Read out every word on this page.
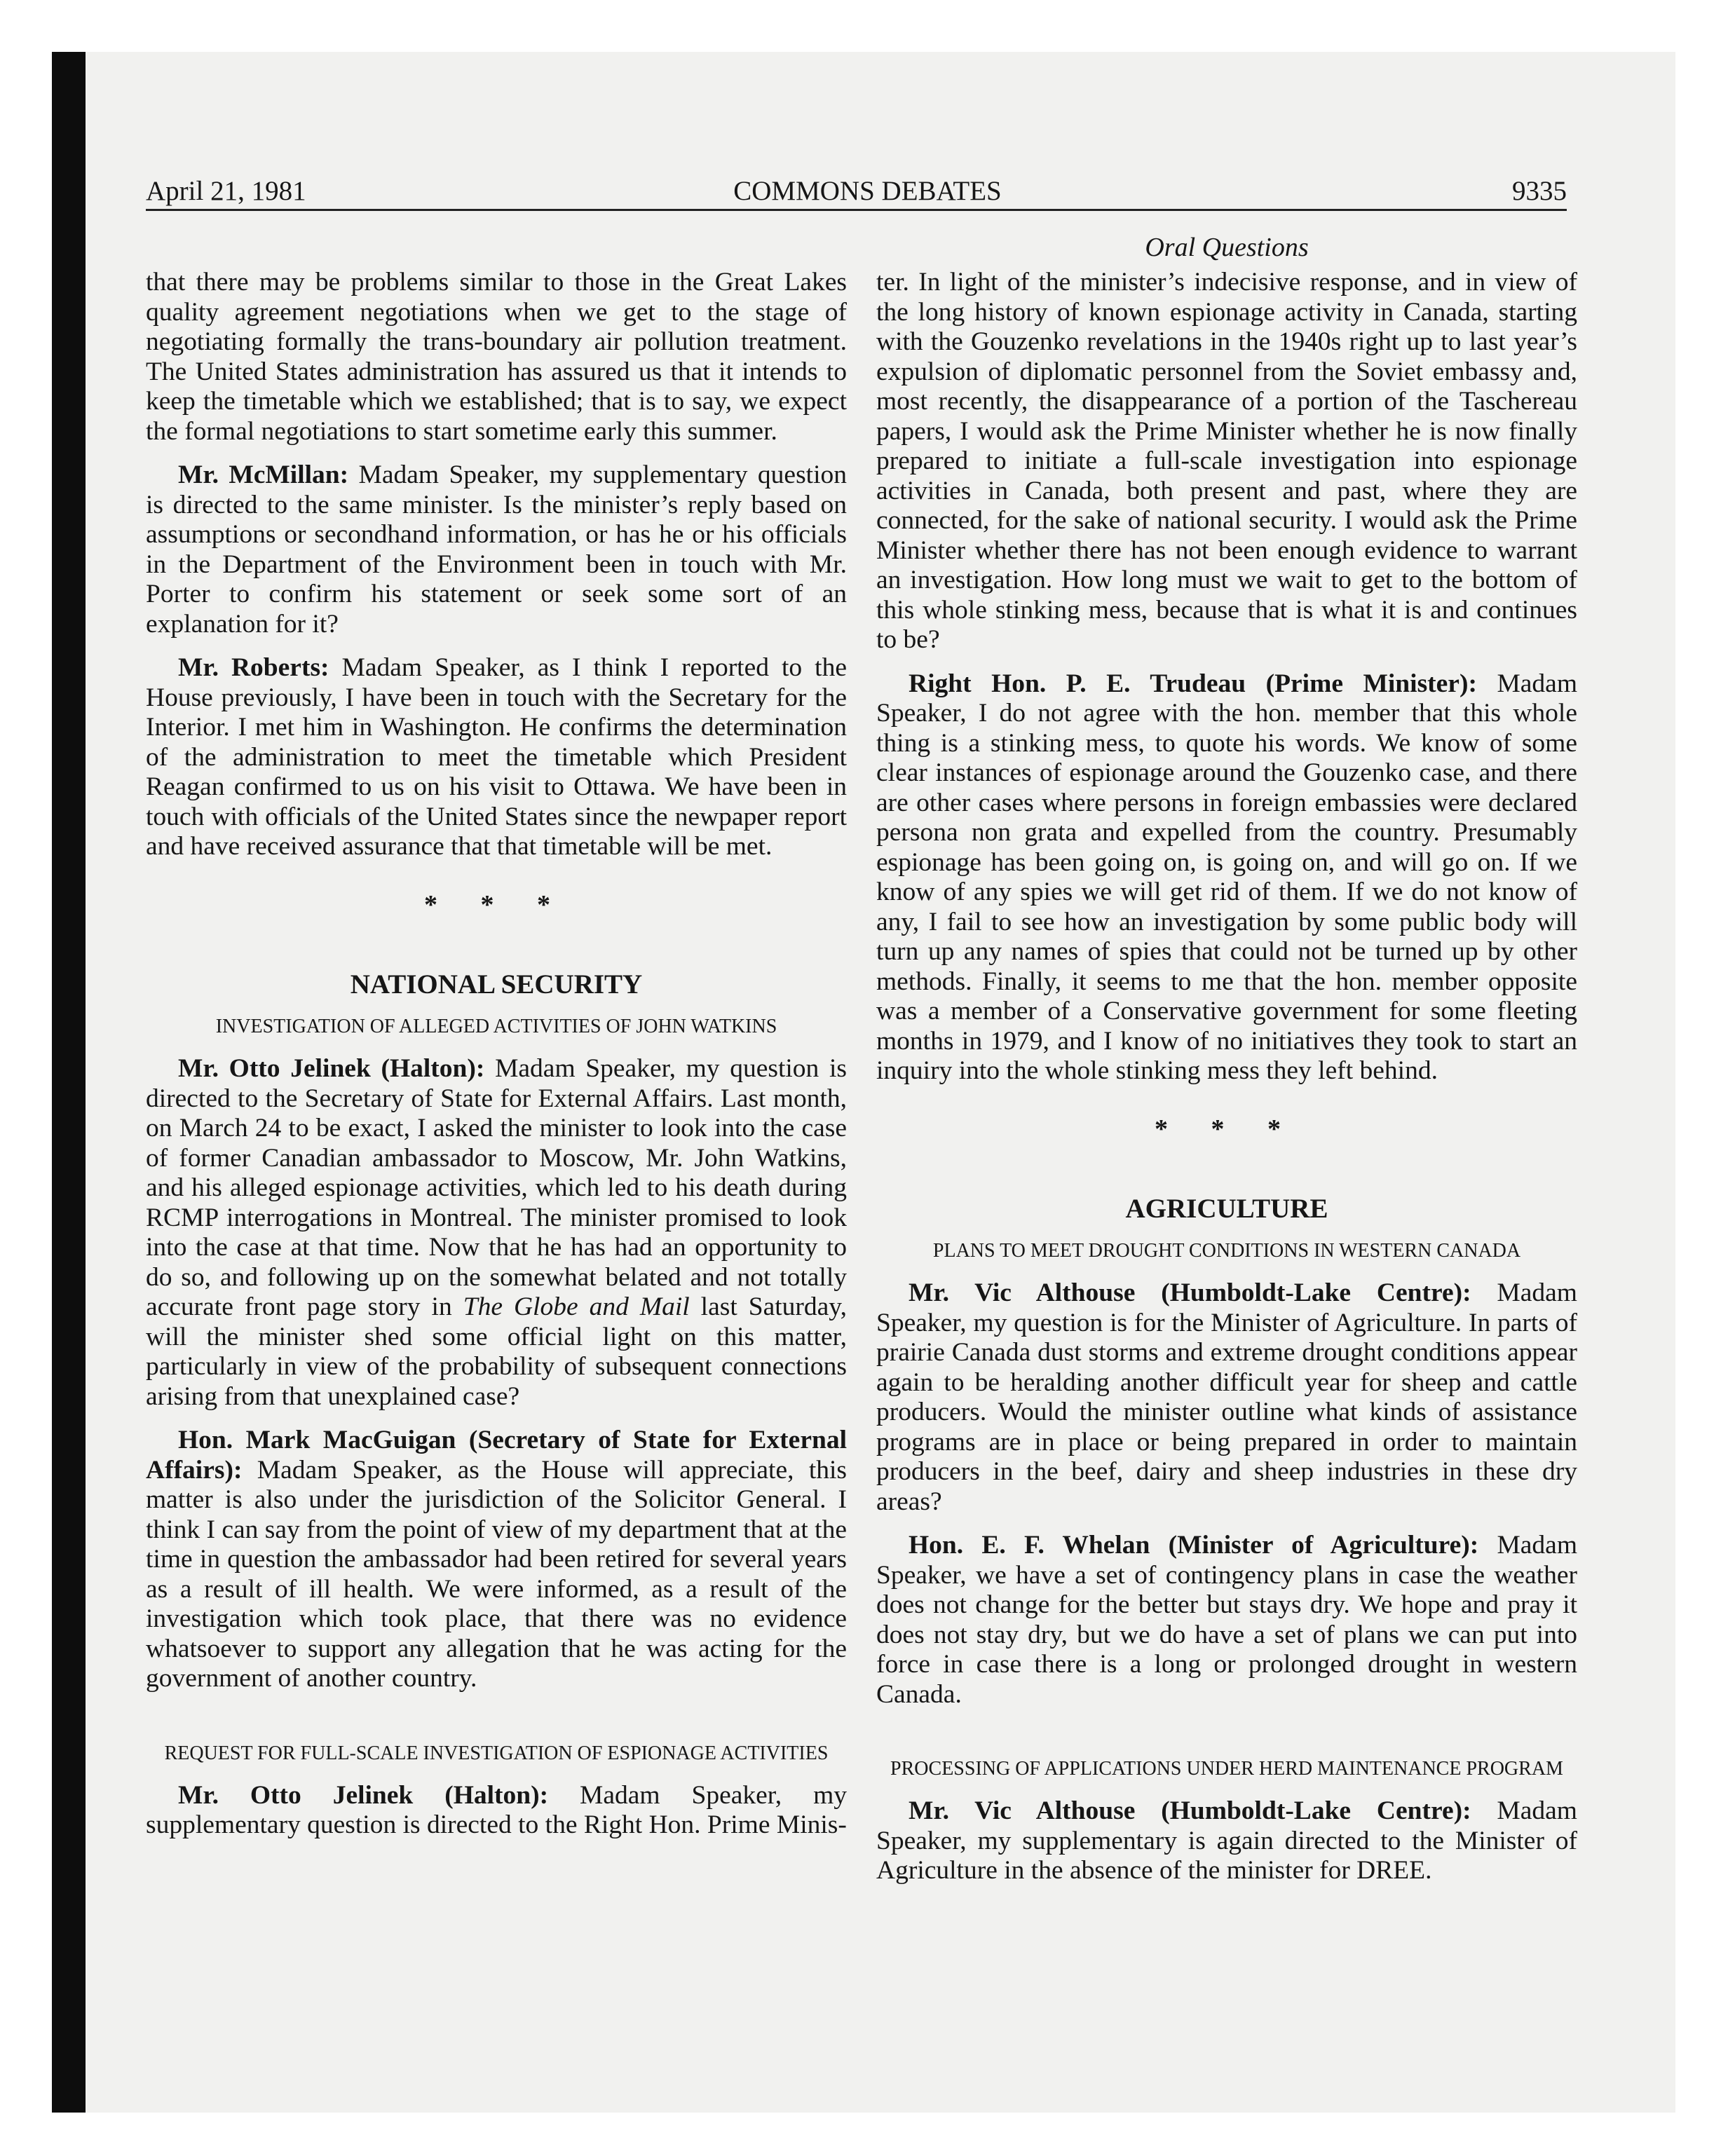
April 21, 1981	COMMONS DEBATES	9335
Oral Questions

that there may be problems similar to those in the Great Lakes quality agreement negotiations when we get to the stage of negotiating formally the trans-boundary air pollution treatment. The United States administration has assured us that it intends to keep the timetable which we established; that is to say, we expect the formal negotiations to start sometime early this summer.

Mr. McMillan: Madam Speaker, my supplementary question is directed to the same minister. Is the minister’s reply based on assumptions or secondhand information, or has he or his officials in the Department of the Environment been in touch with Mr. Porter to confirm his statement or seek some sort of an explanation for it?

Mr. Roberts: Madam Speaker, as I think I reported to the House previously, I have been in touch with the Secretary for the Interior. I met him in Washington. He confirms the determination of the administration to meet the timetable which President Reagan confirmed to us on his visit to Ottawa. We have been in touch with officials of the United States since the newpaper report and have received assurance that that timetable will be met.

* * *
NATIONAL SECURITY
INVESTIGATION OF ALLEGED ACTIVITIES OF JOHN WATKINS

Mr. Otto Jelinek (Halton): Madam Speaker, my question is directed to the Secretary of State for External Affairs. Last month, on March 24 to be exact, I asked the minister to look into the case of former Canadian ambassador to Moscow, Mr. John Watkins, and his alleged espionage activities, which led to his death during RCMP interrogations in Montreal. The minister promised to look into the case at that time. Now that he has had an opportunity to do so, and following up on the somewhat belated and not totally accurate front page story in The Globe and Mail last Saturday, will the minister shed some official light on this matter, particularly in view of the probability of subsequent connections arising from that unexplained case?

Hon. Mark MacGuigan (Secretary of State for External Affairs): Madam Speaker, as the House will appreciate, this matter is also under the jurisdiction of the Solicitor General. I think I can say from the point of view of my department that at the time in question the ambassador had been retired for several years as a result of ill health. We were informed, as a result of the investigation which took place, that there was no evidence whatsoever to support any allegation that he was acting for the government of another country.

REQUEST FOR FULL-SCALE INVESTIGATION OF ESPIONAGE ACTIVITIES

Mr. Otto Jelinek (Halton): Madam Speaker, my supplementary question is directed to the Right Hon. Prime Minis-

ter. In light of the minister’s indecisive response, and in view of the long history of known espionage activity in Canada, starting with the Gouzenko revelations in the 1940s right up to last year’s expulsion of diplomatic personnel from the Soviet embassy and, most recently, the disappearance of a portion of the Taschereau papers, I would ask the Prime Minister whether he is now finally prepared to initiate a full-scale investigation into espionage activities in Canada, both present and past, where they are connected, for the sake of national security. I would ask the Prime Minister whether there has not been enough evidence to warrant an investigation. How long must we wait to get to the bottom of this whole stinking mess, because that is what it is and continues to be?

Right Hon. P. E. Trudeau (Prime Minister): Madam Speaker, I do not agree with the hon. member that this whole thing is a stinking mess, to quote his words. We know of some clear instances of espionage around the Gouzenko case, and there are other cases where persons in foreign embassies were declared persona non grata and expelled from the country. Presumably espionage has been going on, is going on, and will go on. If we know of any spies we will get rid of them. If we do not know of any, I fail to see how an investigation by some public body will turn up any names of spies that could not be turned up by other methods. Finally, it seems to me that the hon. member opposite was a member of a Conservative government for some fleeting months in 1979, and I know of no initiatives they took to start an inquiry into the whole stinking mess they left behind.

* * *
AGRICULTURE
PLANS TO MEET DROUGHT CONDITIONS IN WESTERN CANADA

Mr. Vic Althouse (Humboldt-Lake Centre): Madam Speaker, my question is for the Minister of Agriculture. In parts of prairie Canada dust storms and extreme drought conditions appear again to be heralding another difficult year for sheep and cattle producers. Would the minister outline what kinds of assistance programs are in place or being prepared in order to maintain producers in the beef, dairy and sheep industries in these dry areas?

Hon. E. F. Whelan (Minister of Agriculture): Madam Speaker, we have a set of contingency plans in case the weather does not change for the better but stays dry. We hope and pray it does not stay dry, but we do have a set of plans we can put into force in case there is a long or prolonged drought in western Canada.

PROCESSING OF APPLICATIONS UNDER HERD MAINTENANCE PROGRAM

Mr. Vic Althouse (Humboldt-Lake Centre): Madam Speaker, my supplementary is again directed to the Minister of Agriculture in the absence of the minister for DREE.
